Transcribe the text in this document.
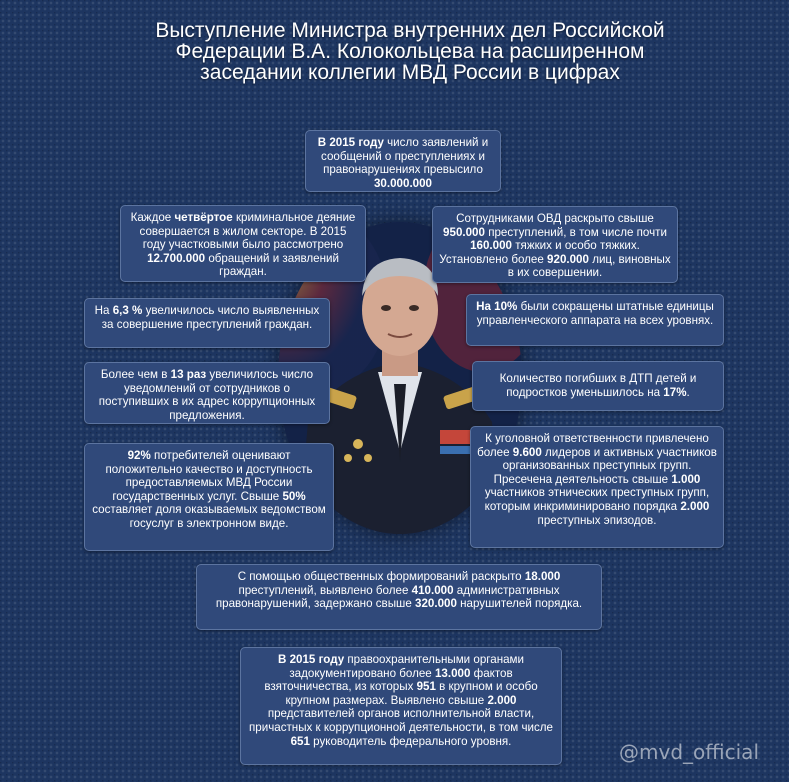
Выступление Министра внутренних дел Российской Федерации В.А. Колокольцева на расширенном заседании коллегии МВД России в цифрах
В 2015 году число заявлений и сообщений о преступлениях и правонарушениях превысило 30.000.000
Каждое четвёртое криминальное деяние совершается в жилом секторе. В 2015 году участковыми было рассмотрено 12.700.000 обращений и заявлений граждан.
Сотрудниками ОВД раскрыто свыше 950.000 преступлений, в том числе почти 160.000 тяжких и особо тяжких. Установлено более 920.000 лиц, виновных в их совершении.
На 6,3 % увеличилось число выявленных за совершение преступлений граждан.
На 10% были сокращены штатные единицы управленческого аппарата на всех уровнях.
Более чем в 13 раз увеличилось число уведомлений от сотрудников о поступивших в их адрес коррупционных предложения.
Количество погибших в ДТП детей и подростков уменьшилось на 17%.
92% потребителей оценивают положительно качество и доступность предоставляемых МВД России государственных услуг. Свыше 50% составляет доля оказываемых ведомством госуслуг в электронном виде.
К уголовной ответственности привлечено более 9.600 лидеров и активных участников организованных преступных групп. Пресечена деятельность свыше 1.000 участников этнических преступных групп, которым инкриминировано порядка 2.000 преступных эпизодов.
С помощью общественных формирований раскрыто 18.000 преступлений, выявлено более 410.000 административных правонарушений, задержано свыше 320.000 нарушителей порядка.
В 2015 году правоохранительными органами задокументировано более 13.000 фактов взяточничества, из которых 951 в крупном и особо крупном размерах. Выявлено свыше 2.000 представителей органов исполнительной власти, причастных к коррупционной деятельности, в том числе 651 руководитель федерального уровня.	@mvd_official
